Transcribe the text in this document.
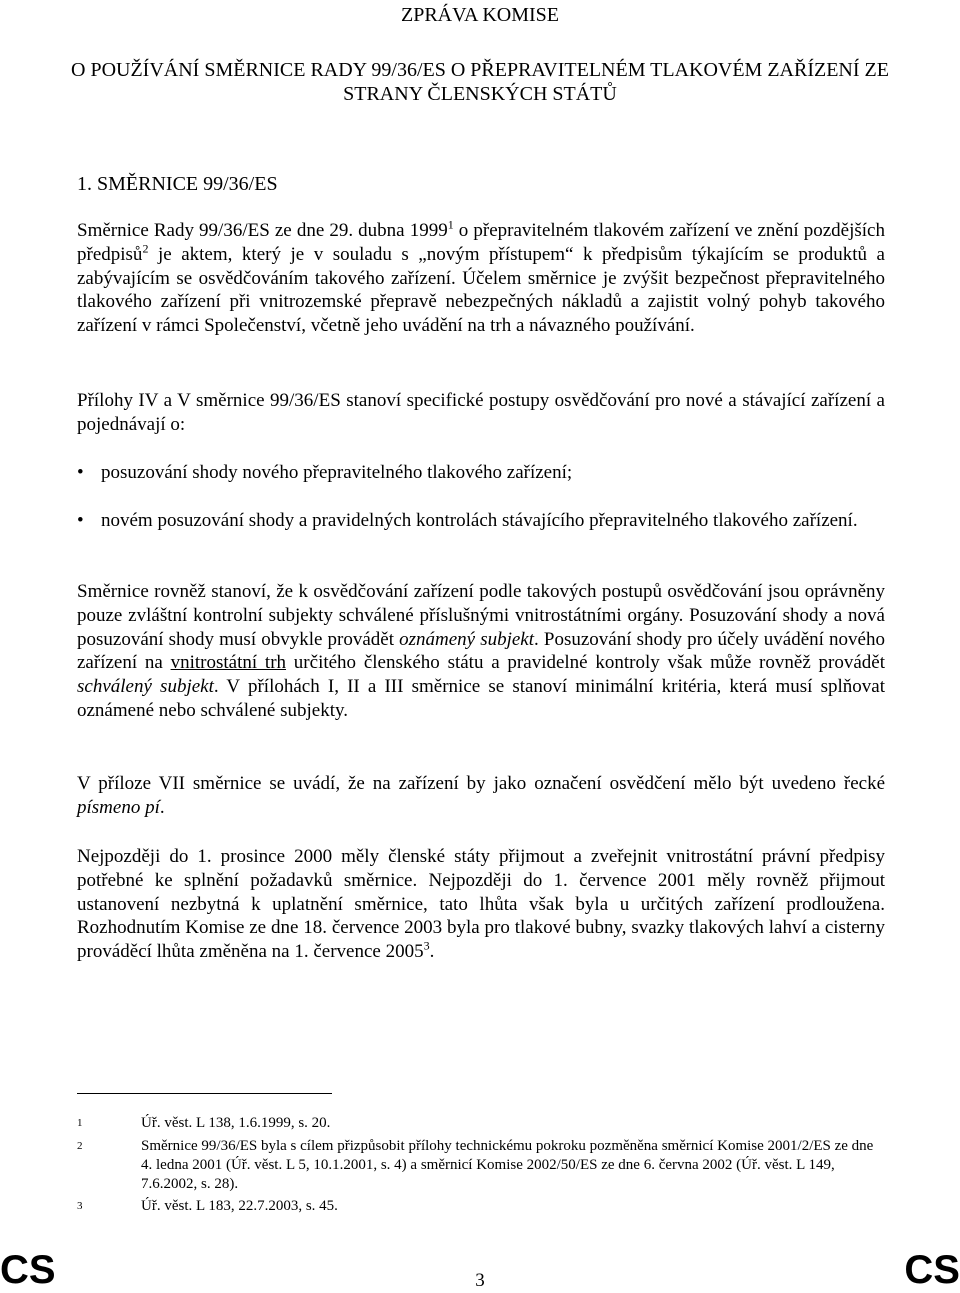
ZPRÁVA KOMISE
O POUŽÍVÁNÍ SMĚRNICE RADY 99/36/ES O PŘEPRAVITELNÉM TLAKOVÉM ZAŘÍZENÍ ZE STRANY ČLENSKÝCH STÁTŮ
1. SMĚRNICE 99/36/ES

Směrnice Rady 99/36/ES ze dne 29. dubna 1999$^1$ o přepravitelném tlakovém zařízení ve znění pozdějších předpisů$^2$ je aktem, který je v souladu s „novým přístupem“ k předpisům týkajícím se produktů a zabývajícím se osvědčováním takového zařízení. Účelem směrnice je zvýšit bezpečnost přepravitelného tlakového zařízení při vnitrozemské přepravě nebezpečných nákladů a zajistit volný pohyb takového zařízení v rámci Společenství, včetně jeho uvádění na trh a návazného používání.

Přílohy IV a V směrnice 99/36/ES stanoví specifické postupy osvědčování pro nové a stávající zařízení a pojednávají o:

• posuzování shody nového přepravitelného tlakového zařízení;
• novém posuzování shody a pravidelných kontrolách stávajícího přepravitelného tlakového zařízení.

Směrnice rovněž stanoví, že k osvědčování zařízení podle takových postupů osvědčování jsou oprávněny pouze zvláštní kontrolní subjekty schválené příslušnými vnitrostátními orgány. Posuzování shody a nová posuzování shody musí obvykle provádět oznámený subjekt. Posuzování shody pro účely uvádění nového zařízení na vnitrostátní trh určitého členského státu a pravidelné kontroly však může rovněž provádět schválený subjekt. V přílohách I, II a III směrnice se stanoví minimální kritéria, která musí splňovat oznámené nebo schválené subjekty.

V příloze VII směrnice se uvádí, že na zařízení by jako označení osvědčení mělo být uvedeno řecké písmeno pí.

Nejpozději do 1. prosince 2000 měly členské státy přijmout a zveřejnit vnitrostátní právní předpisy potřebné ke splnění požadavků směrnice. Nejpozději do 1. července 2001 měly rovněž přijmout ustanovení nezbytná k uplatnění směrnice, tato lhůta však byla u určitých zařízení prodloužena. Rozhodnutím Komise ze dne 18. července 2003 byla pro tlakové bubny, svazky tlakových lahví a cisterny prováděcí lhůta změněna na 1. července 2005$^3$.

1	Úř. věst. L 138, 1.6.1999, s. 20.
2	Směrnice 99/36/ES byla s cílem přizpůsobit přílohy technickému pokroku pozměněna směrnicí Komise 2001/2/ES ze dne 4. ledna 2001 (Úř. věst. L 5, 10.1.2001, s. 4) a směrnicí Komise 2002/50/ES ze dne 6. června 2002 (Úř. věst. L 149, 7.6.2002, s. 28).
3	Úř. věst. L 183, 22.7.2003, s. 45.
CS	3	CS
